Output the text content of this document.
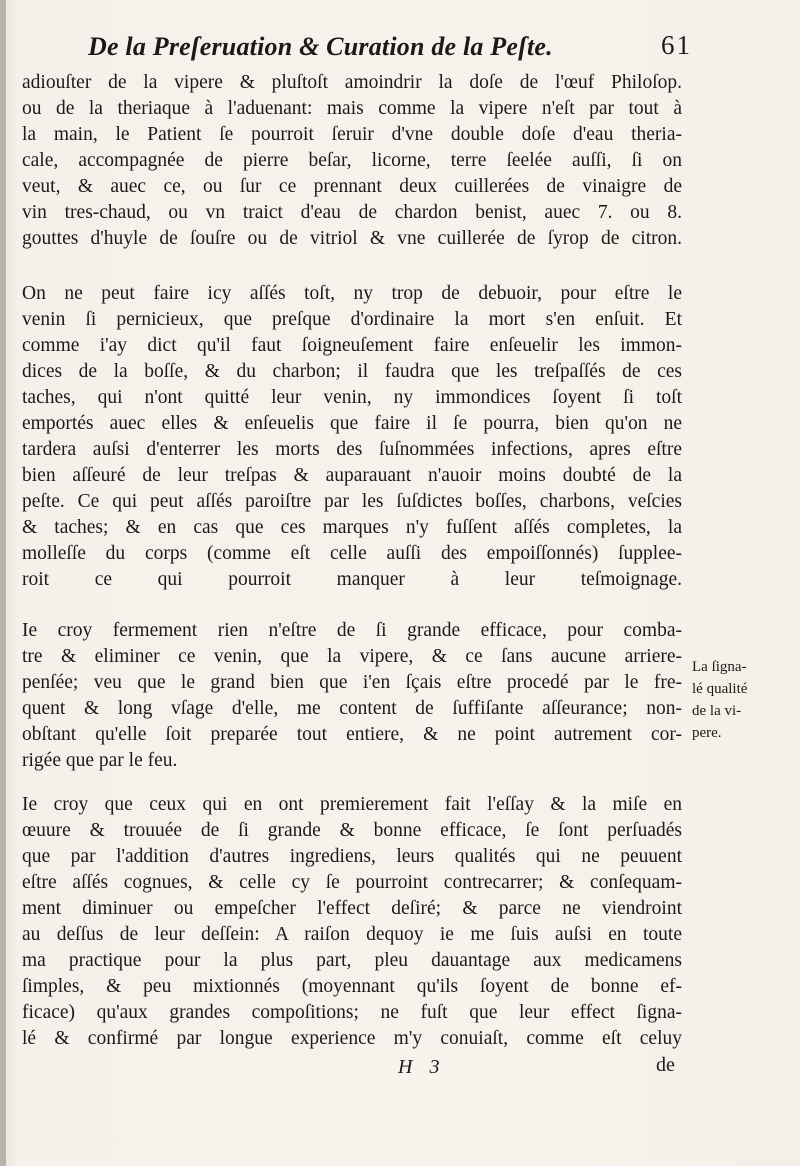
De la Preſeruation & Curation de la Peſte.	61
adiouſter de la vipere & pluſtoſt amoindrir la doſe de l'œuf Philoſop.
ou de la theriaque à l'aduenant: mais comme la vipere n'eſt par tout à
la main, le Patient ſe pourroit ſeruir d'vne double doſe d'eau theria-
cale, accompagnée de pierre beſar, licorne, terre ſeelée auſſi, ſi on
veut, & auec ce, ou ſur ce prennant deux cuillerées de vinaigre de
vin tres-chaud, ou vn traict d'eau de chardon benist, auec 7. ou 8.
gouttes d'huyle de ſouſre ou de vitriol & vne cuillerée de ſyrop de citron.
On ne peut faire icy aſſés toſt, ny trop de debuoir, pour eſtre le
venin ſi pernicieux, que preſque d'ordinaire la mort s'en enſuit. Et
comme i'ay dict qu'il faut ſoigneuſement faire enſeuelir les immon-
dices de la boſſe, & du charbon; il faudra que les treſpaſſés de ces
taches, qui n'ont quitté leur venin, ny immondices ſoyent ſi toſt
emportés auec elles & enſeuelis que faire il ſe pourra, bien qu'on ne
tardera auſsi d'enterrer les morts des ſuſnommées infections, apres eſtre
bien aſſeuré de leur treſpas & auparauant n'auoir moins doubté de la
peſte. Ce qui peut aſſés paroiſtre par les ſuſdictes boſſes, charbons, veſcies
& taches; & en cas que ces marques n'y fuſſent aſſés completes, la
molleſſe du corps (comme eſt celle auſſi des empoiſſonnés) ſupplee-
roit ce qui pourroit manquer à leur teſmoignage.
Ie croy fermement rien n'eſtre de ſi grande efficace, pour comba-
tre & eliminer ce venin, que la vipere, & ce ſans aucune arriere-
penſée; veu que le grand bien que i'en ſçais eſtre procedé par le fre-
quent & long vſage d'elle, me content de ſuffiſante aſſeurance; non-
obſtant qu'elle ſoit preparée tout entiere, & ne point autrement cor-
rigée que par le feu.
La ſigna-
lé qualité
de la vi-
pere.
Ie croy que ceux qui en ont premierement fait l'eſſay & la miſe en
œuure & trouuée de ſi grande & bonne efficace, ſe ſont perſuadés
que par l'addition d'autres ingrediens, leurs qualités qui ne peuuent
eſtre aſſés cognues, & celle cy ſe pourroint contrecarrer; & conſequam-
ment diminuer ou empeſcher l'effect deſiré; & parce ne viendroint
au deſſus de leur deſſein: A raiſon dequoy ie me ſuis auſsi en toute
ma practique pour la plus part, pleu dauantage aux medicamens
ſimples, & peu mixtionnés (moyennant qu'ils ſoyent de bonne ef-
ficace) qu'aux grandes compoſitions; ne fuſt que leur effect ſigna-
lé & confirmé par longue experience m'y conuiaſt, comme eſt celuy
H 3	de
